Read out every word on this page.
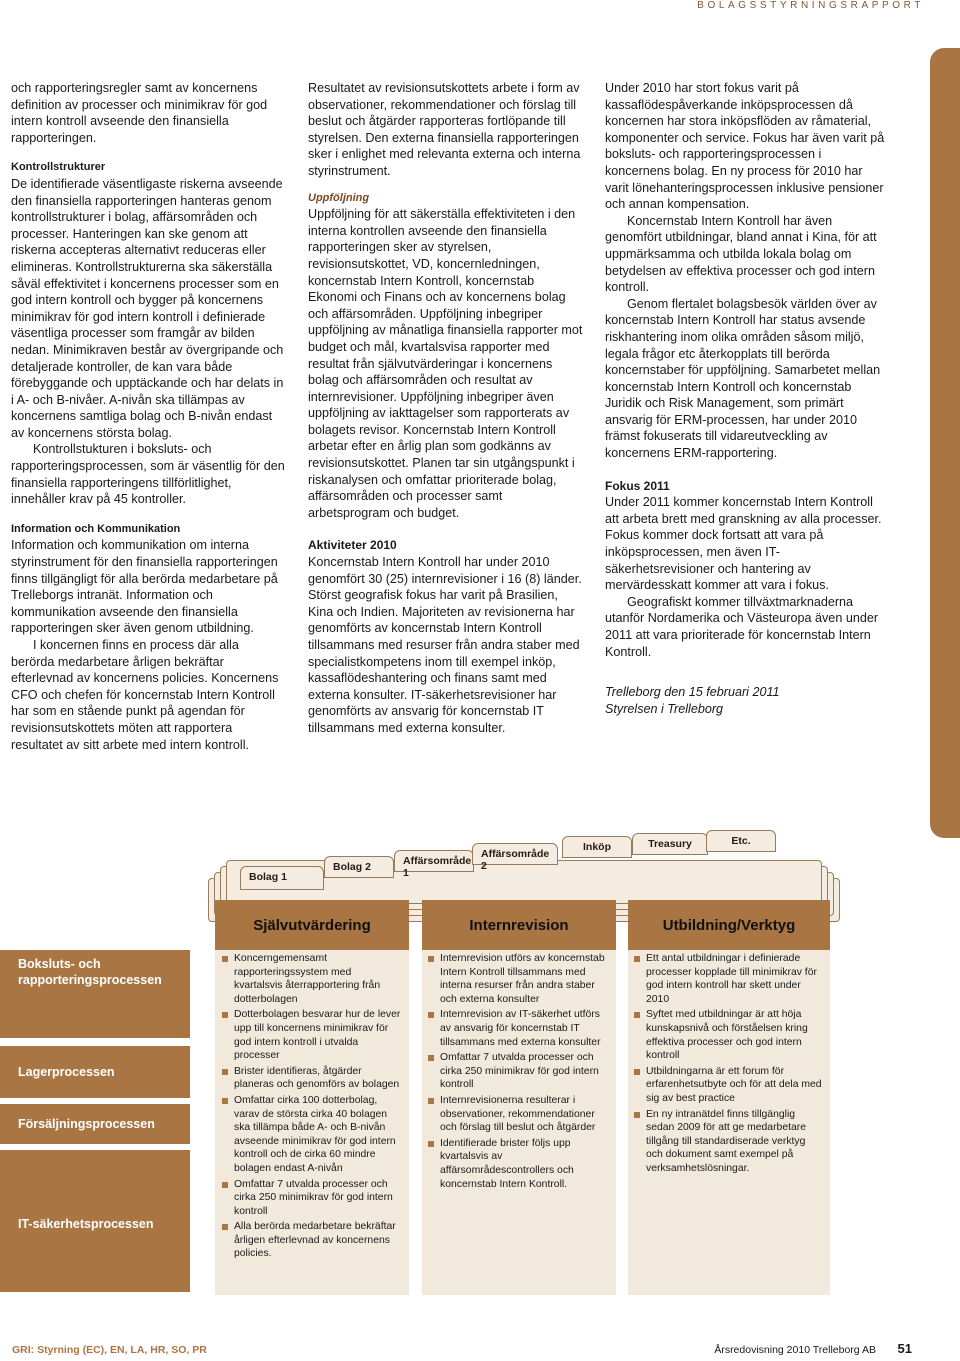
BOLAGSSTYRNINGSRAPPORT

och rapporteringsregler samt av koncernens definition av processer och minimikrav för god intern kontroll avseende den finansiella rapporteringen.

Kontrollstrukturer

De identifierade väsentligaste riskerna avseende den finansiella rapporteringen hanteras genom kontrollstrukturer i bolag, affärsområden och processer. Hanteringen kan ske genom att riskerna accepteras alternativt reduceras eller elimineras. Kontrollstrukturerna ska säkerställa såväl effektivitet i koncernens processer som en god intern kontroll och bygger på koncernens minimikrav för god intern kontroll i definierade väsentliga processer som framgår av bilden nedan. Minimikraven består av övergripande och detaljerade kontroller, de kan vara både förebyggande och upptäckande och har delats in i A- och B-nivåer. A-nivån ska tillämpas av koncernens samtliga bolag och B-nivån endast av koncernens största bolag.

Kontrollstukturen i boksluts- och rapporteringsprocessen, som är väsentlig för den finansiella rapporteringens tillförlitlighet, innehåller krav på 45 kontroller.

Information och Kommunikation

Information och kommunikation om interna styrinstrument för den finansiella rapporteringen finns tillgängligt för alla berörda medarbetare på Trelleborgs intranät. Information och kommunikation avseende den finansiella rapporteringen sker även genom utbildning.

I koncernen finns en process där alla berörda medarbetare årligen bekräftar efterlevnad av koncernens policies. Koncernens CFO och chefen för koncernstab Intern Kontroll har som en stående punkt på agendan för revisionsutskottets möten att rapportera resultatet av sitt arbete med intern kontroll.

Resultatet av revisionsutskottets arbete i form av observationer, rekommendationer och förslag till beslut och åtgärder rapporteras fortlöpande till styrelsen. Den externa finansiella rapporteringen sker i enlighet med relevanta externa och interna styrinstrument.

Uppföljning

Uppföljning för att säkerställa effektiviteten i den interna kontrollen avseende den finansiella rapporteringen sker av styrelsen, revisionsutskottet, VD, koncernledningen, koncernstab Intern Kontroll, koncernstab Ekonomi och Finans och av koncernens bolag och affärsområden. Uppföljning inbegriper uppföljning av månatliga finansiella rapporter mot budget och mål, kvartalsvisa rapporter med resultat från självutvärderingar i koncernens bolag och affärsområden och resultat av internrevisioner. Uppföljning inbegriper även uppföljning av iakttagelser som rapporterats av bolagets revisor. Koncernstab Intern Kontroll arbetar efter en årlig plan som godkänns av revisionsutskottet. Planen tar sin utgångspunkt i riskanalysen och omfattar prioriterade bolag, affärsområden och processer samt arbetsprogram och budget.

Aktiviteter 2010

Koncernstab Intern Kontroll har under 2010 genomfört 30 (25) internrevisioner i 16 (8) länder. Störst geografisk fokus har varit på Brasilien, Kina och Indien. Majoriteten av revisionerna har genomförts av koncernstab Intern Kontroll tillsammans med resurser från andra staber med specialistkompetens inom till exempel inköp, kassaflödeshantering och finans samt med externa konsulter. IT-säkerhetsrevisioner har genomförts av ansvarig för koncernstab IT tillsammans med externa konsulter.

Under 2010 har stort fokus varit på kassaflödespåverkande inköpsprocessen då koncernen har stora inköpsflöden av råmaterial, komponenter och service. Fokus har även varit på boksluts- och rapporteringsprocessen i koncernens bolag. En ny process för 2010 har varit lönehanteringsprocessen inklusive pensioner och annan kompensation.

Koncernstab Intern Kontroll har även genomfört utbildningar, bland annat i Kina, för att uppmärksamma och utbilda lokala bolag om betydelsen av effektiva processer och god intern kontroll.

Genom flertalet bolagsbesök världen över av koncernstab Intern Kontroll har status avsende riskhantering inom olika områden såsom miljö, legala frågor etc återkopplats till berörda koncernstaber för uppföljning. Samarbetet mellan koncernstab Intern Kontroll och koncernstab Juridik och Risk Management, som primärt ansvarig för ERM-processen, har under 2010 främst fokuserats till vidareutveckling av koncernens ERM-rapportering.

Fokus 2011

Under 2011 kommer koncernstab Intern Kontroll att arbeta brett med granskning av alla processer. Fokus kommer dock fortsatt att vara på inköpsprocessen, men även IT-säkerhetsrevisioner och hantering av mervärdesskatt kommer att vara i fokus.

Geografiskt kommer tillväxtmarknaderna utanför Nordamerika och Västeuropa även under 2011 att vara prioriterade för koncernstab Intern Kontroll.

Trelleborg den 15 februari 2011

Styrelsen i Trelleborg

Bolag 1
Bolag 2	Affärsområde 1
Affärsområde 2
Inköp	Treasury	Etc.
Självutvärdering	Internrevision	Utbildning/Verktyg
Boksluts- och rapporteringsprocessen
Lagerprocessen
Försäljningsprocessen
IT-säkerhetsprocessen
Koncerngemensamt rapporteringssystem med kvartalsvis återrapportering från dotterbolagen
Dotterbolagen besvarar hur de lever upp till koncernens minimikrav för god intern kontroll i utvalda processer
Brister identifieras, åtgärder planeras och genomförs av bolagen
Omfattar cirka 100 dotterbolag, varav de största cirka 40 bolagen ska tillämpa både A- och B-nivån avseende minimikrav för god intern kontroll och de cirka 60 mindre bolagen endast A-nivån
Omfattar 7 utvalda processer och cirka 250 minimikrav för god intern kontroll
Alla berörda medarbetare bekräftar årligen efterlevnad av koncernens policies.
Internrevision utförs av koncernstab Intern Kontroll tillsammans med interna resurser från andra staber och externa konsulter
Internrevision av IT-säkerhet utförs av ansvarig för koncernstab IT tillsammans med externa konsulter
Omfattar 7 utvalda processer och cirka 250 minimikrav för god intern kontroll
Internrevisionerna resulterar i observationer, rekommendationer och förslag till beslut och åtgärder
Identifierade brister följs upp kvartalsvis av affärsområdescontrollers och koncernstab Intern Kontroll.
Ett antal utbildningar i definierade processer kopplade till minimikrav för god intern kontroll har skett under 2010
Syftet med utbildningar är att höja kunskapsnivå och förståelsen kring effektiva processer och god intern kontroll
Utbildningarna är ett forum för erfarenhetsutbyte och för att dela med sig av best practice
En ny intranätdel finns tillgänglig sedan 2009 för att ge medarbetare tillgång till standardiserade verktyg och dokument samt exempel på verksamhetslösningar.
GRI: Styrning (EC), EN, LA, HR, SO, PR	Årsredovisning 2010 Trelleborg AB 51
